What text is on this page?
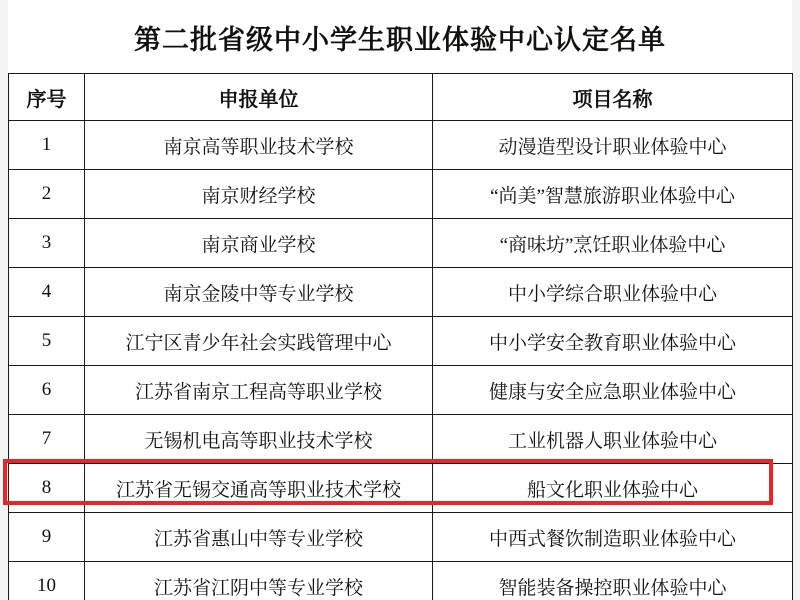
第二批省级中小学生职业体验中心认定名单
序号	申报单位	项目名称
1	南京高等职业技术学校	动漫造型设计职业体验中心
2	南京财经学校	“尚美”智慧旅游职业体验中心
3	南京商业学校	“商味坊”烹饪职业体验中心
4	南京金陵中等专业学校	中小学综合职业体验中心
5	江宁区青少年社会实践管理中心	中小学安全教育职业体验中心
6	江苏省南京工程高等职业学校	健康与安全应急职业体验中心
7	无锡机电高等职业技术学校	工业机器人职业体验中心
8	江苏省无锡交通高等职业技术学校	船文化职业体验中心
9	江苏省惠山中等专业学校	中西式餐饮制造职业体验中心
10	江苏省江阴中等专业学校	智能装备操控职业体验中心
